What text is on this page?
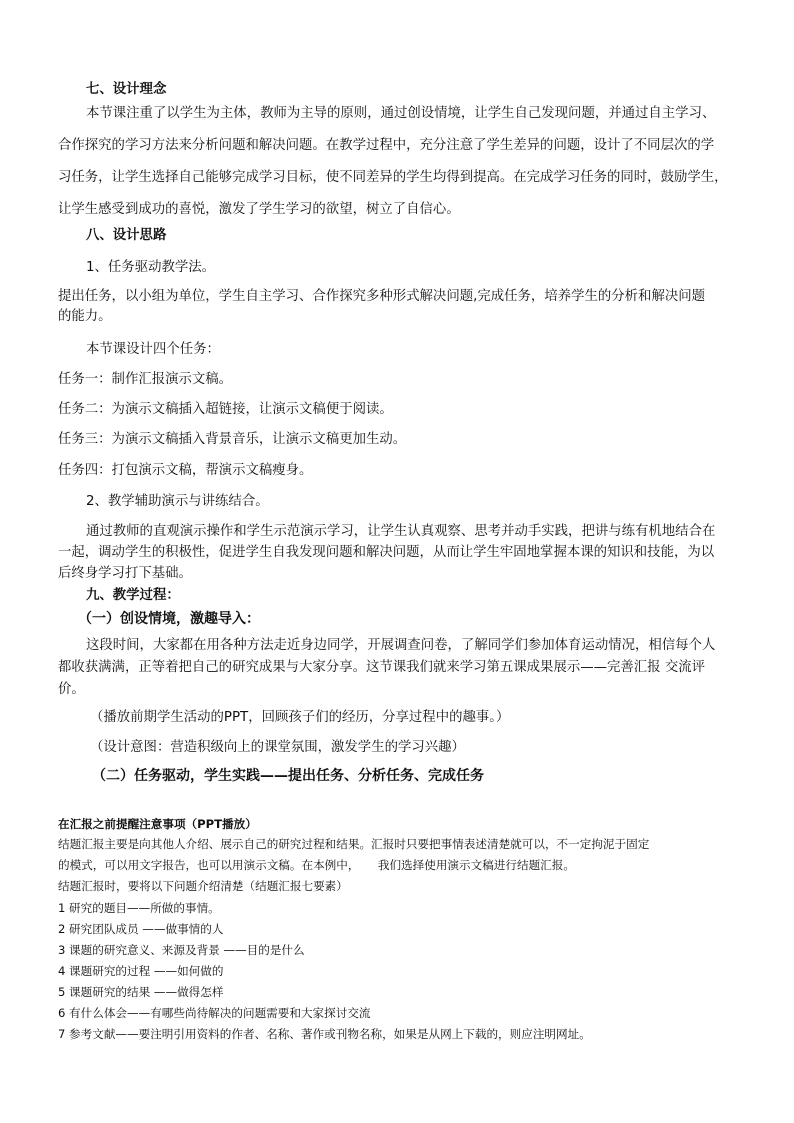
七、设计理念
本节课注重了以学生为主体，教师为主导的原则，通过创设情境，让学生自己发现问题，并通过自主学习、
合作探究的学习方法来分析问题和解决问题。在教学过程中，充分注意了学生差异的问题，设计了不同层次的学
习任务，让学生选择自己能够完成学习目标，使不同差异的学生均得到提高。在完成学习任务的同时，鼓励学生，
让学生感受到成功的喜悦，激发了学生学习的欲望，树立了自信心。
八、设计思路
1、任务驱动教学法。
提出任务，以小组为单位，学生自主学习、合作探究多种形式解决问题,完成任务，培养学生的分析和解决问题
的能力。
本节课设计四个任务：
任务一：制作汇报演示文稿。
任务二：为演示文稿插入超链接，让演示文稿便于阅读。
任务三：为演示文稿插入背景音乐，让演示文稿更加生动。
任务四：打包演示文稿，帮演示文稿瘦身。
2、教学辅助演示与讲练结合。
通过教师的直观演示操作和学生示范演示学习，让学生认真观察、思考并动手实践，把讲与练有机地结合在
一起，调动学生的积极性，促进学生自我发现问题和解决问题，从而让学生牢固地掌握本课的知识和技能，为以
后终身学习打下基础。
九、教学过程：
（一）创设情境，激趣导入：
这段时间，大家都在用各种方法走近身边同学，开展调查问卷，了解同学们参加体育运动情况，相信每个人
都收获满满，正等着把自己的研究成果与大家分享。这节课我们就来学习第五课成果展示——完善汇报 交流评
价。
（播放前期学生活动的PPT，回顾孩子们的经历，分享过程中的趣事。）
（设计意图：营造积级向上的课堂氛围，激发学生的学习兴趣）
（二）任务驱动，学生实践——提出任务、分析任务、完成任务
在汇报之前提醒注意事项（PPT播放）
结题汇报主要是向其他人介绍、展示自己的研究过程和结果。汇报时只要把事情表述清楚就可以，不一定拘泥于固定
的模式，可以用文字报告，也可以用演示文稿。在本例中，     我们选择使用演示文稿进行结题汇报。
结题汇报时，要将以下问题介绍清楚（结题汇报七要素）
1 研究的题目——所做的事情。
2 研究团队成员 ——做事情的人
3 课题的研究意义、来源及背景 ——目的是什么
4 课题研究的过程 ——如何做的
5 课题研究的结果 ——做得怎样
6 有什么体会——有哪些尚待解决的问题需要和大家探讨交流
7 参考文献——要注明引用资料的作者、名称、著作或刊物名称，如果是从网上下载的，则应注明网址。
